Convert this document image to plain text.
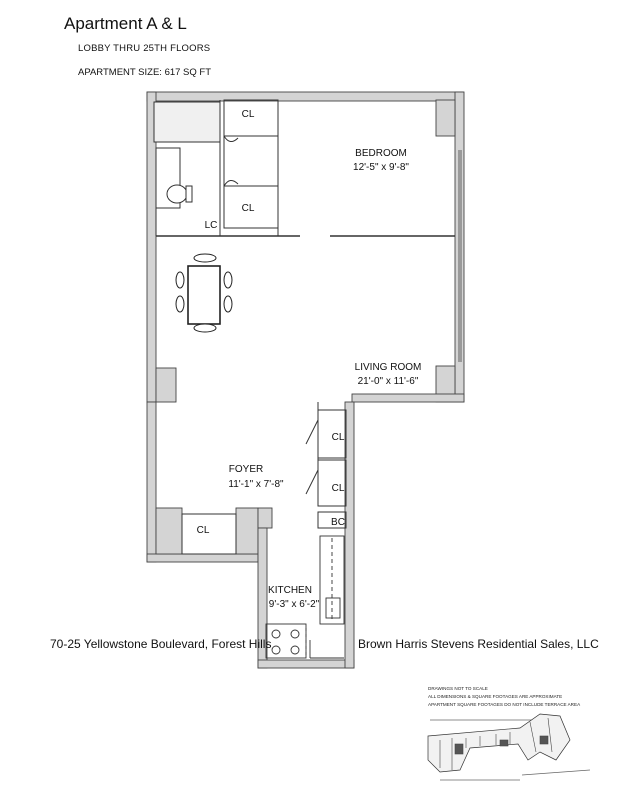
Apartment A & L
LOBBY THRU 25TH FLOORS
APARTMENT SIZE: 617 SQ FT
BEDROOM
12'-5" x 9'-8"
LIVING ROOM
21'-0" x 11'-6"
FOYER
11'-1" x 7'-8"
KITCHEN
9'-3" x 6'-2"
CL
CL
LC
CL
CL
BC
CL
DRAWINGS NOT TO SCALE
ALL DIMENSIONS & SQUARE FOOTAGES ARE APPROXIMATE
APARTMENT SQUARE FOOTAGES DO NOT INCLUDE TERRACE AREA
70-25 Yellowstone Boulevard, Forest Hills	Brown Harris Stevens Residential Sales, LLC
